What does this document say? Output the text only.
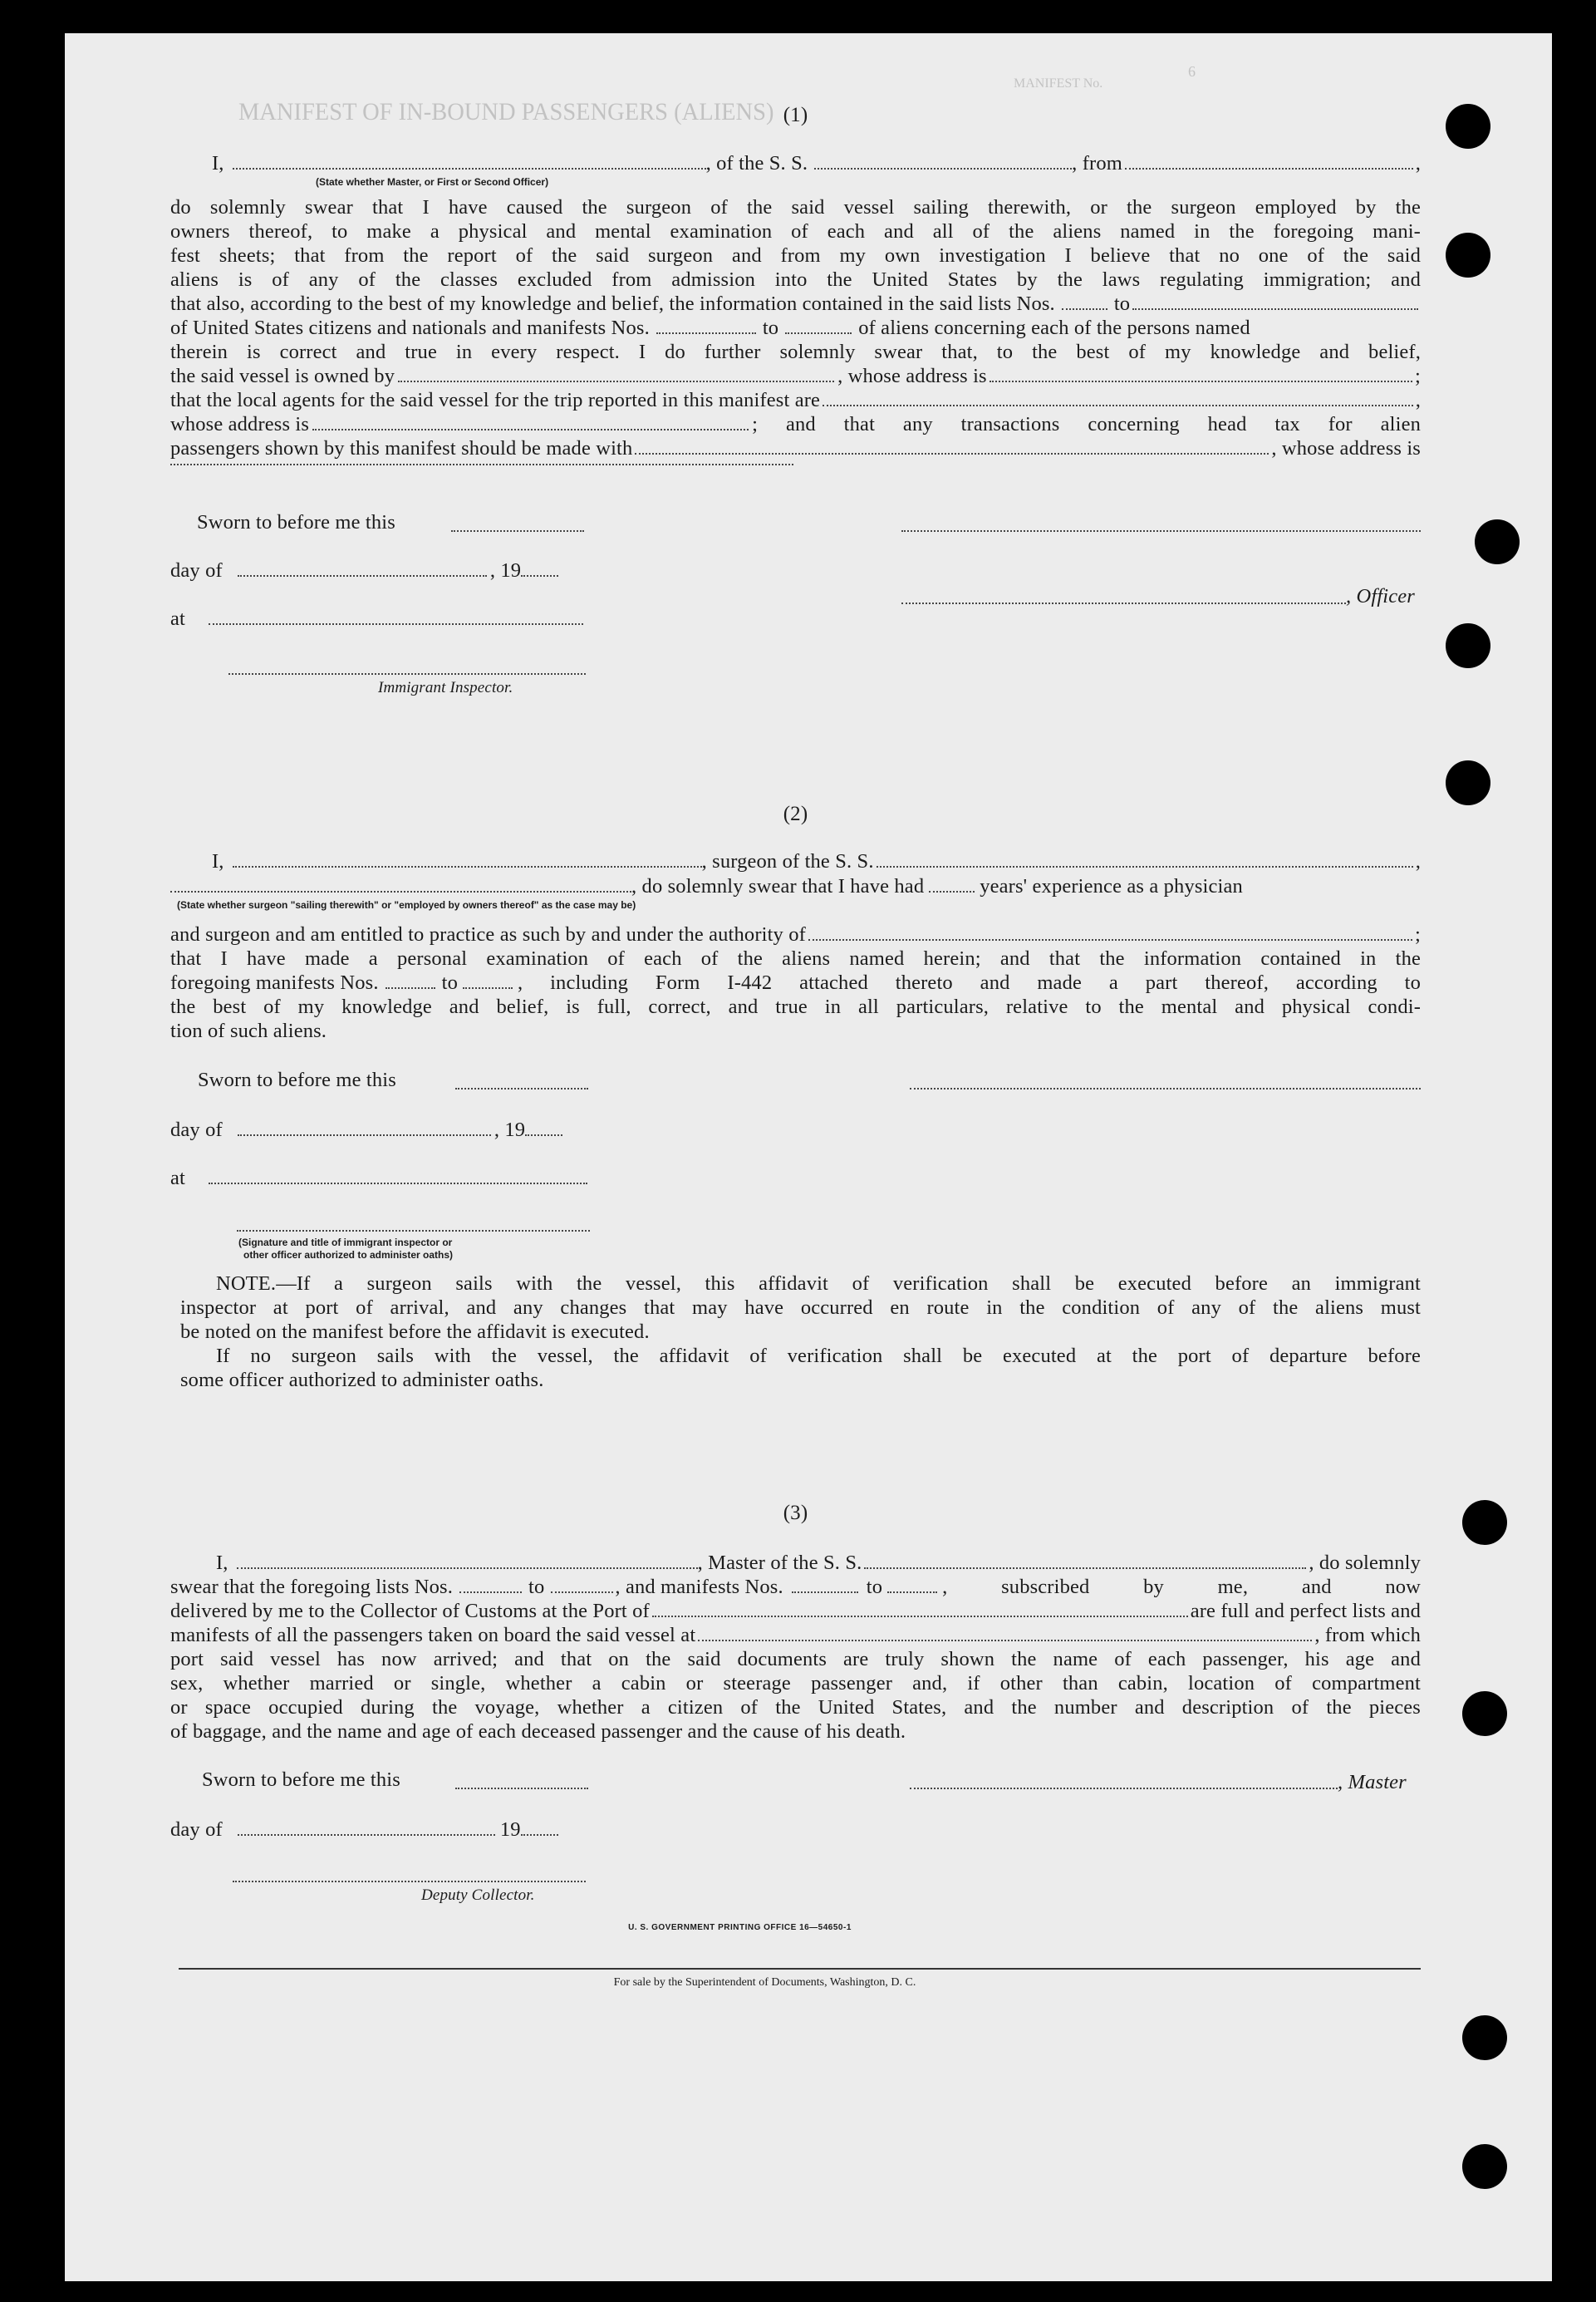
MANIFEST OF IN-BOUND PASSENGERS (ALIENS)
MANIFEST No.
6
(1)
I,	, of the S. S.	, from	,
(State whether Master, or First or Second Officer)
do solemnly swear that I have caused the surgeon of the said vessel sailing therewith, or the surgeon employed by the
owners thereof, to make a physical and mental examination of each and all of the aliens named in the foregoing mani-
fest sheets; that from the report of the said surgeon and from my own investigation I believe that no one of the said
aliens is of any of the classes excluded from admission into the United States by the laws regulating immigration; and
that also, according to the best of my knowledge and belief, the information contained in the said lists Nos.	to
of United States citizens and nationals and manifests Nos.	to	of aliens concerning each of the persons named
therein is correct and true in every respect. I do further solemnly swear that, to the best of my knowledge and belief,
the said vessel is owned by	, whose address is	;
that the local agents for the said vessel for the trip reported in this manifest are	,
whose address is	; and that any transactions concerning head tax for alien
passengers shown by this manifest should be made with	, whose address is
Sworn to before me this
day of	, 19
, Officer
at
Immigrant Inspector.
(2)
I,	, surgeon of the S. S.	,
, do solemnly swear that I have had	years' experience as a physician
(State whether surgeon "sailing therewith" or "employed by owners thereof" as the case may be)
and surgeon and am entitled to practice as such by and under the authority of	;
that I have made a personal examination of each of the aliens named herein; and that the information contained in the
foregoing manifests Nos.	to	, including Form I-442 attached thereto and made a part thereof, according to
the best of my knowledge and belief, is full, correct, and true in all particulars, relative to the mental and physical condi-
tion of such aliens.
Sworn to before me this
day of	, 19
at
(Signature and title of immigrant inspector or
other officer authorized to administer oaths)
NOTE.—If a surgeon sails with the vessel, this affidavit of verification shall be executed before an immigrant
inspector at port of arrival, and any changes that may have occurred en route in the condition of any of the aliens must
be noted on the manifest before the affidavit is executed.
If no surgeon sails with the vessel, the affidavit of verification shall be executed at the port of departure before
some officer authorized to administer oaths.
(3)
I,	, Master of the S. S.	, do solemnly
swear that the foregoing lists Nos.	to	, and manifests Nos.	to	, subscribed by me, and now
delivered by me to the Collector of Customs at the Port of	are full and perfect lists and
manifests of all the passengers taken on board the said vessel at	, from which
port said vessel has now arrived; and that on the said documents are truly shown the name of each passenger, his age and
sex, whether married or single, whether a cabin or steerage passenger and, if other than cabin, location of compartment
or space occupied during the voyage, whether a citizen of the United States, and the number and description of the pieces
of baggage, and the name and age of each deceased passenger and the cause of his death.
Sworn to before me this	, Master
day of	19
Deputy Collector.
U. S. GOVERNMENT PRINTING OFFICE 16—54650-1
For sale by the Superintendent of Documents, Washington, D. C.
